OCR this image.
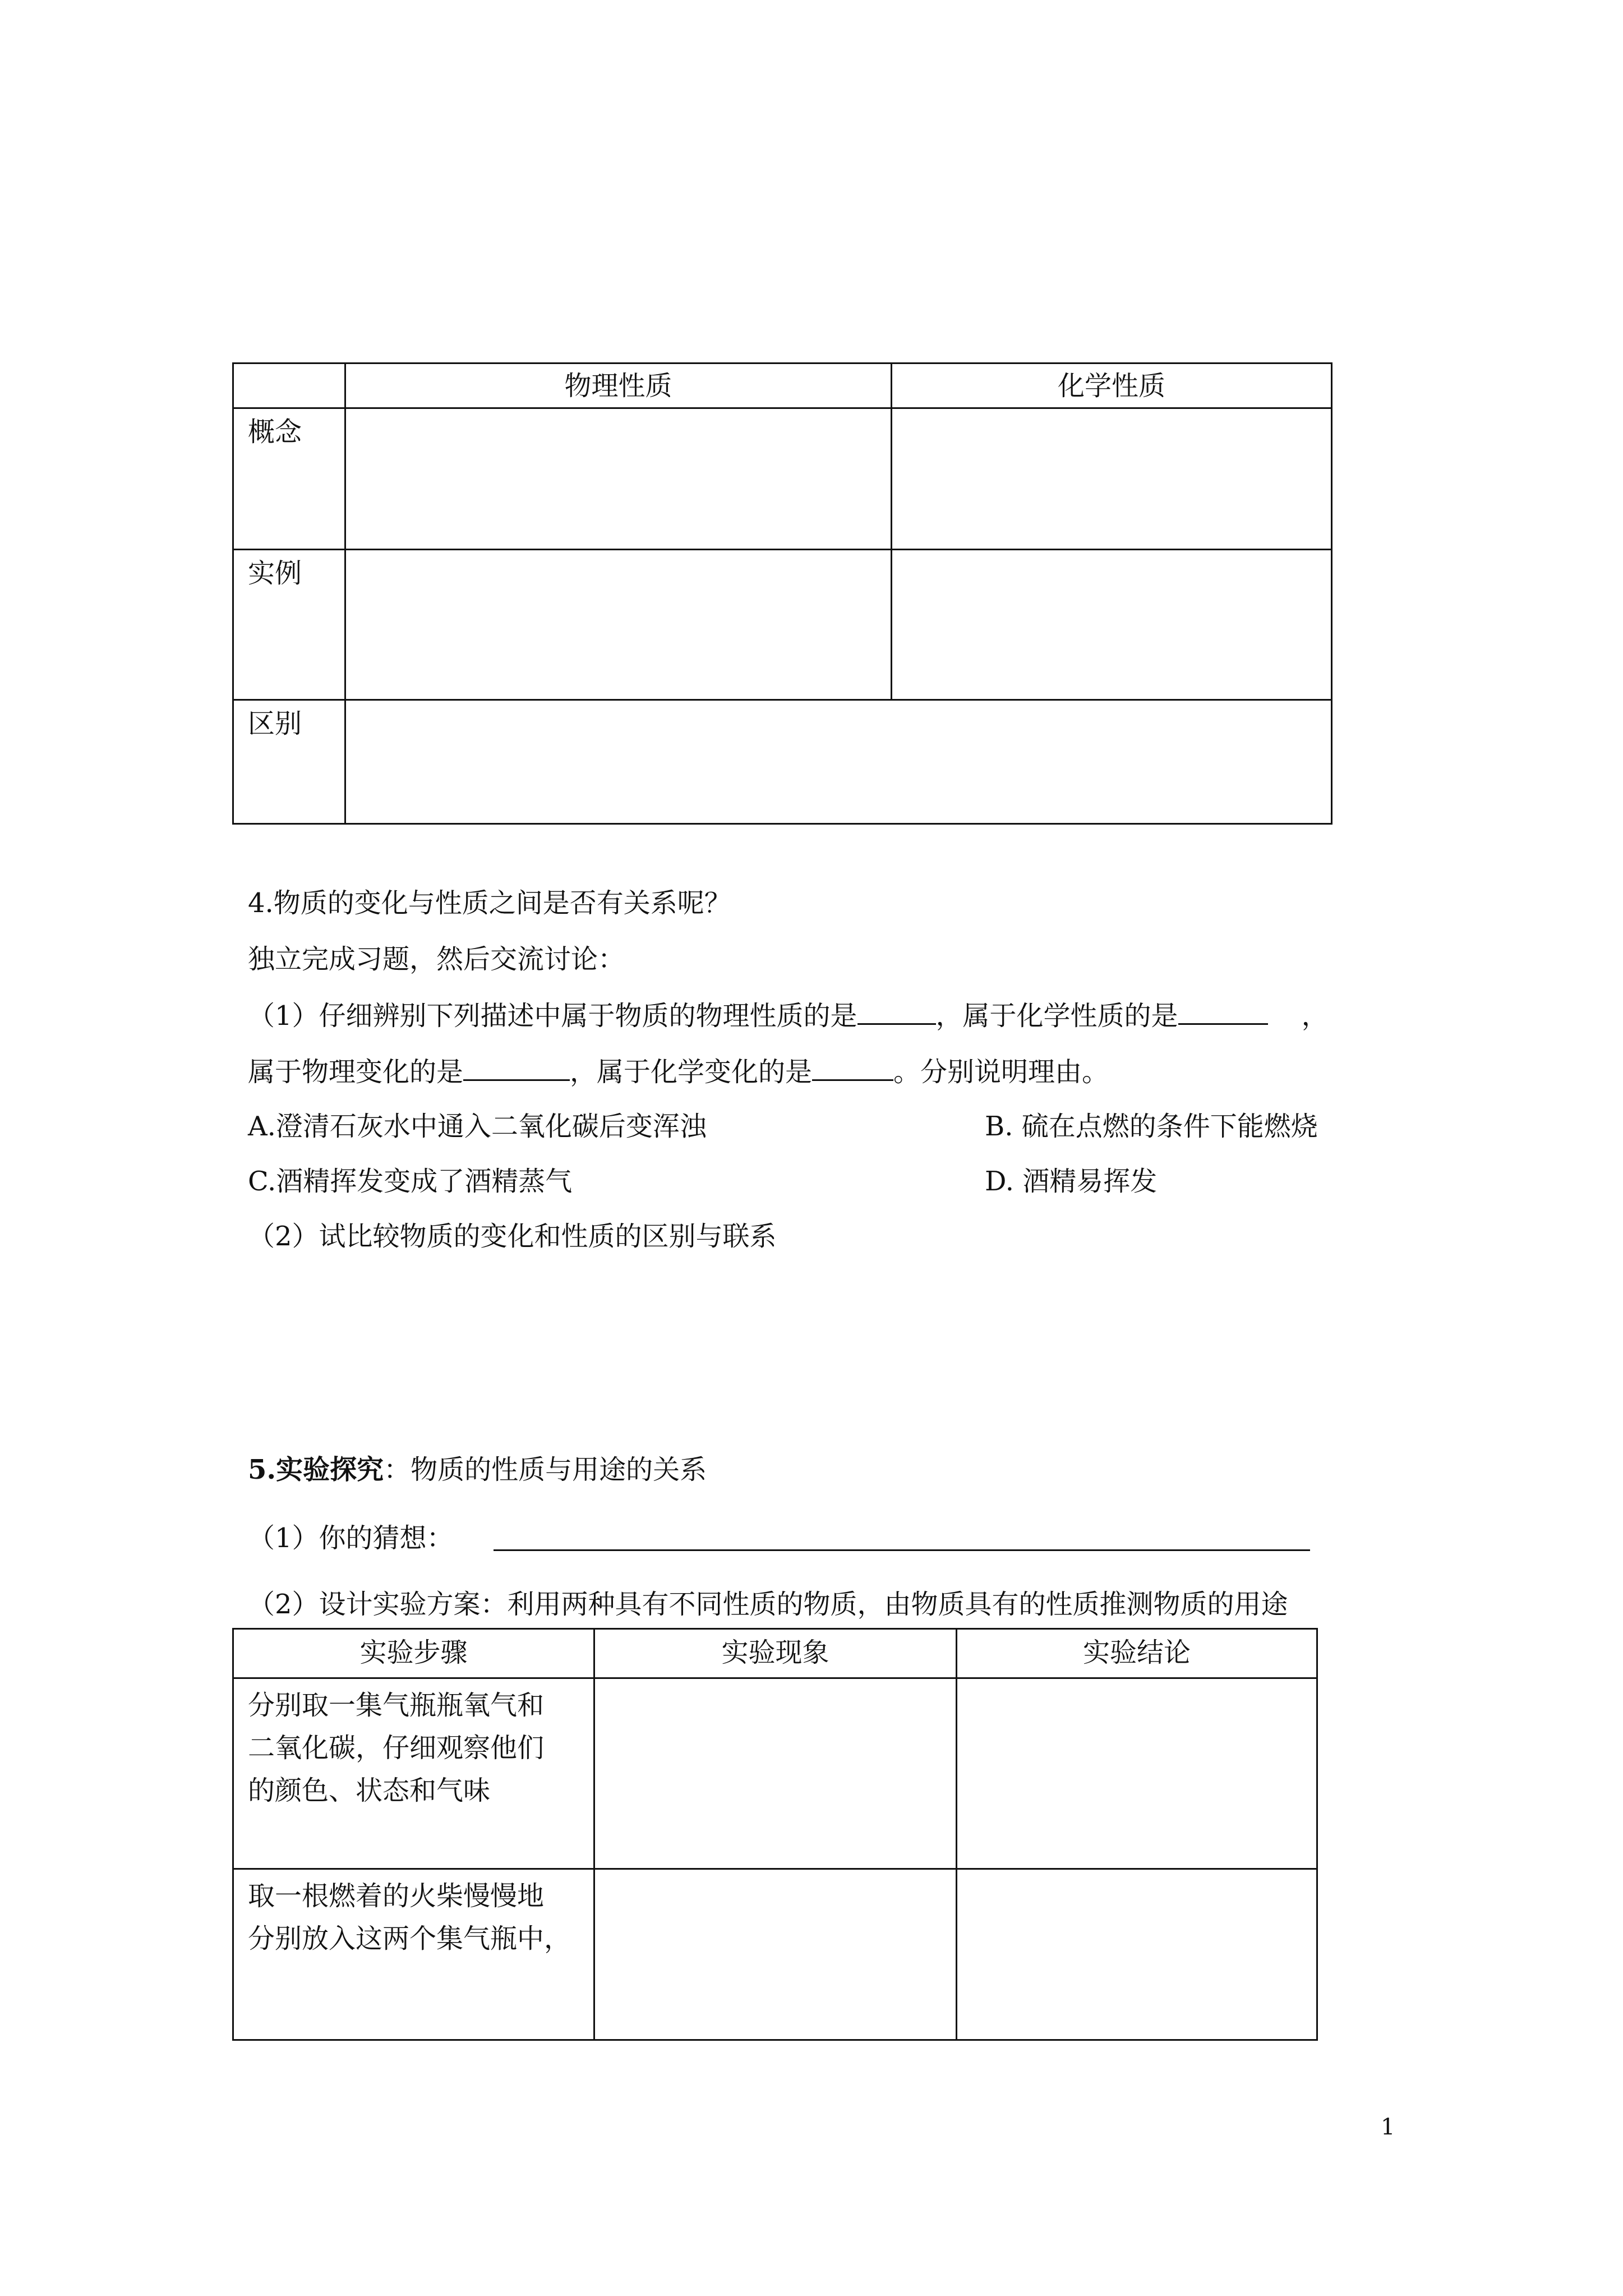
物理性质	化学性质
概念
实例
区别
4.物质的变化与性质之间是否有关系呢？
独立完成习题，然后交流讨论：
（1）仔细辨别下列描述中属于物质的物理性质的是	，属于化学性质的是	，
属于物理变化的是	，属于化学变化的是	。分别说明理由。
A.澄清石灰水中通入二氧化碳后变浑浊	B. 硫在点燃的条件下能燃烧
C.酒精挥发变成了酒精蒸气	D. 酒精易挥发
（2）试比较物质的变化和性质的区别与联系
5.实验探究：物质的性质与用途的关系
（1）你的猜想：
（2）设计实验方案：利用两种具有不同性质的物质，由物质具有的性质推测物质的用途
实验步骤	实验现象	实验结论
分别取一集气瓶瓶氧气和
二氧化碳，仔细观察他们
的颜色、状态和气味
取一根燃着的火柴慢慢地
分别放入这两个集气瓶中，
1
